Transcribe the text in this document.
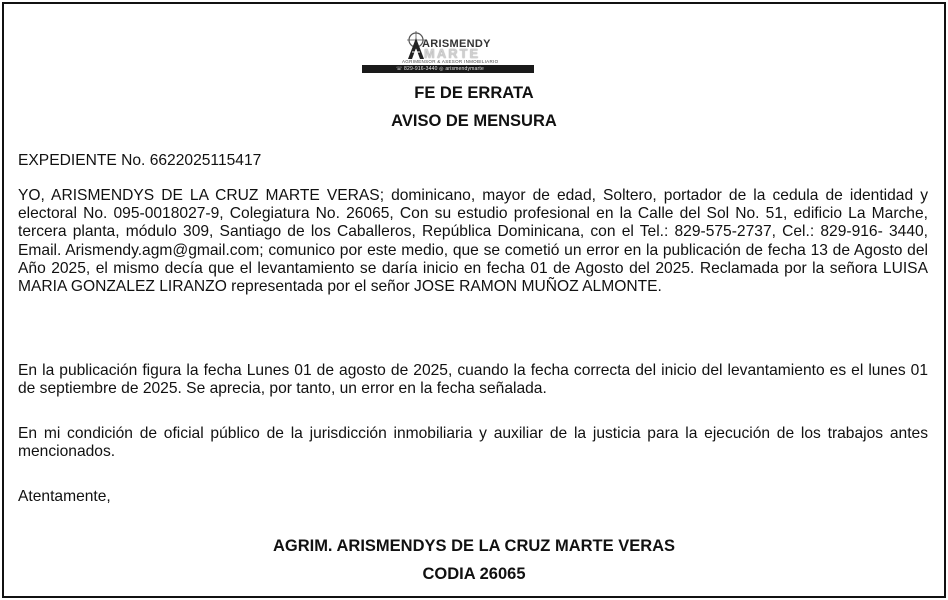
ARISMENDY
MARTE
AGRIMENSOR & ASESOR INMOBILIARIO
☏ 829-916-3440 ◎ arismendymarte
FE DE ERRATA
AVISO DE MENSURA

EXPEDIENTE No. 6622025115417

YO, ARISMENDYS DE LA CRUZ MARTE VERAS; dominicano, mayor de edad, Soltero, portador de la cedula de identidad y electoral No. 095-0018027-9, Colegiatura No. 26065, Con su estudio profesional en la Calle del Sol No. 51, edificio La Marche, tercera planta, módulo 309, Santiago de los Caballeros, República Dominicana, con el Tel.: 829-575-2737, Cel.: 829-916- 3440, Email. Arismendy.agm@gmail.com; comunico por este medio, que se cometió un error en la publicación de fecha 13 de Agosto del Año 2025, el mismo decía que el levantamiento se daría inicio en fecha 01 de Agosto del 2025. Reclamada por la señora LUISA MARIA GONZALEZ LIRANZO representada por el señor JOSE RAMON MUÑOZ ALMONTE.

En la publicación figura la fecha Lunes 01 de agosto de 2025, cuando la fecha correcta del inicio del levantamiento es el lunes 01 de septiembre de 2025. Se aprecia, por tanto, un error en la fecha señalada.

En mi condición de oficial público de la jurisdicción inmobiliaria y auxiliar de la justicia para la ejecución de los trabajos antes mencionados.

Atentamente,

AGRIM. ARISMENDYS DE LA CRUZ MARTE VERAS
CODIA 26065
